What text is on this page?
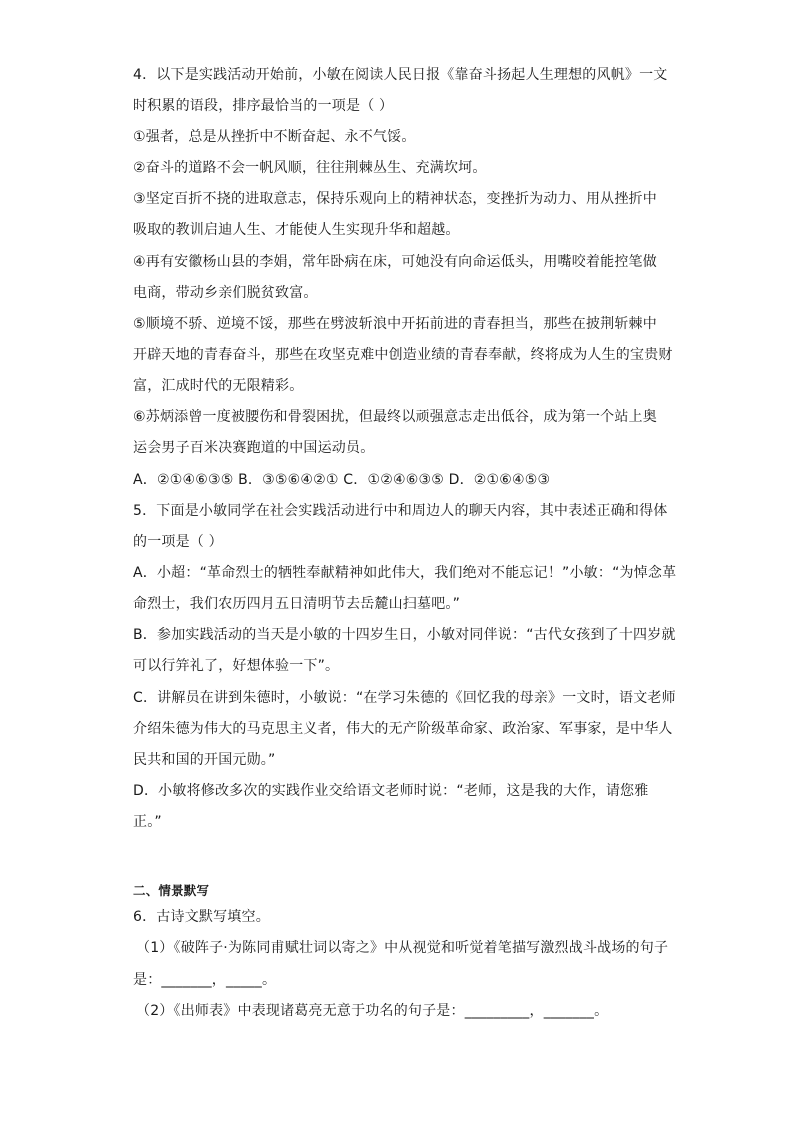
4．以下是实践活动开始前，小敏在阅读人民日报《靠奋斗扬起人生理想的风帆》一文
时积累的语段，排序最恰当的一项是（ ）
①强者，总是从挫折中不断奋起、永不气馁。
②奋斗的道路不会一帆风顺，往往荆棘丛生、充满坎坷。
③坚定百折不挠的进取意志，保持乐观向上的精神状态，变挫折为动力、用从挫折中
吸取的教训启迪人生、才能使人生实现升华和超越。
④再有安徽杨山县的李娟，常年卧病在床，可她没有向命运低头，用嘴咬着能控笔做
电商，带动乡亲们脱贫致富。
⑤顺境不骄、逆境不馁，那些在劈波斩浪中开拓前进的青春担当，那些在披荆斩棘中
开辟天地的青春奋斗，那些在攻坚克难中创造业绩的青春奉献，终将成为人生的宝贵财
富，汇成时代的无限精彩。
⑥苏炳添曾一度被腰伤和骨裂困扰，但最终以顽强意志走出低谷，成为第一个站上奥
运会男子百米决赛跑道的中国运动员。
A．②①④⑥③⑤ B．③⑤⑥④②① C．①②④⑥③⑤ D．②①⑥④⑤③
5．下面是小敏同学在社会实践活动进行中和周边人的聊天内容，其中表述正确和得体
的一项是（ ）
A．小超：“革命烈士的牺牲奉献精神如此伟大，我们绝对不能忘记！”小敏：“为悼念革
命烈士，我们农历四月五日清明节去岳麓山扫墓吧。”
B．参加实践活动的当天是小敏的十四岁生日，小敏对同伴说：“古代女孩到了十四岁就
可以行笄礼了，好想体验一下”。
C．讲解员在讲到朱德时，小敏说：“在学习朱德的《回忆我的母亲》一文时，语文老师
介绍朱德为伟大的马克思主义者，伟大的无产阶级革命家、政治家、军事家，是中华人
民共和国的开国元勋。”
D．小敏将修改多次的实践作业交给语文老师时说：“老师，这是我的大作，请您雅
正。”
二、情景默写
6．古诗文默写填空。
（1）《破阵子·为陈同甫赋壮词以寄之》中从视觉和听觉着笔描写激烈战斗战场的句子
是：_______，_____。
（2）《出师表》中表现诸葛亮无意于功名的句子是：_________，_______。
